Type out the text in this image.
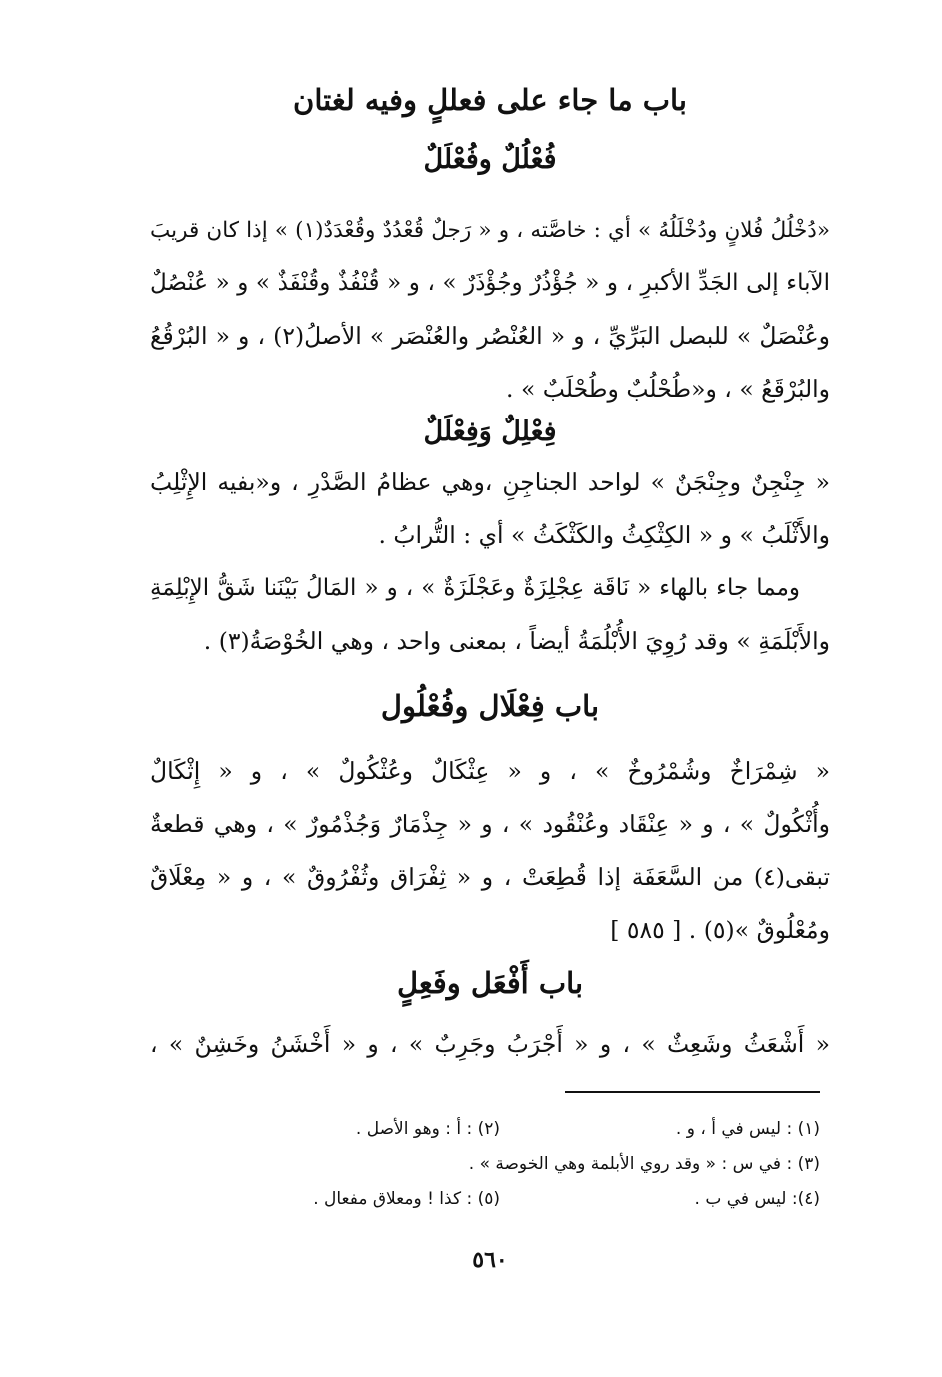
باب ما جاء على فعللٍ وفيه لغتان

فُعْلُلٌ وفُعْلَلٌ

«دُخْلُلُ فُلانٍ ودُخْلَلُهُ » أي : خاصَّته ، و « رَجلٌ قُعْدُدٌ وقُعْدَدٌ(١) » إذا كان قريبَ
الآباء إلى الجَدِّ الأكبرِ ، و « جُؤْذُرٌ وجُؤْذَرٌ » ، و « قُنْفُذٌ وقُنْفَذٌ » و « عُنْصُلٌ
وعُنْصَلٌ » للبصل البَرِّيِّ ، و « العُنْصُر والعُنْصَر » الأصلُ(٢) ، و « البُرْقُعُ
والبُرْقَعُ » ، و«طُحْلُبٌ وطُحْلَبٌ » .

فِعْلِلٌ وَفِعْلَلٌ

« جِنْجِنٌ وجِنْجَنٌ » لواحد الجناجِنِ ،وهي عظامُ الصَّدْرِ ، و«بفيه الإِثْلِبُ
والأَثْلَبُ » و « الكِثْكِثُ والكَثْكَثُ » أي : التُّرابُ .

ومما جاء بالهاء « نَاقَة عِجْلِزَةٌ وعَجْلَزَةٌ » ، و « المَالُ بَيْنَنا شَقُّ الإِبْلِمَةِ
والأَبْلَمَةِ » وقد رُوِيَ الأُبْلُمَةُ أيضاً ، بمعنى واحد ، وهي الخُوْصَةُ(٣) .

باب فِعْلَال وفُعْلُول

« شِمْرَاخٌ وشُمْرُوخٌ » ، و « عِثْكَالٌ وعُثْكُولٌ » ، و « إِثْكَالٌ
وأُثْكُولٌ » ، و « عِنْقَاد وعُنْقُود » ، و « جِذْمَارٌ وَجُذْمُورٌ » ، وهي قطعةٌ
تبقى(٤) من السَّعَفَة إذا قُطِعَتْ ، و « ثِفْرَاق وثُفْرُوقٌ » ، و « مِعْلَاقٌ
ومُعْلُوقٌ »(٥) . [ ٥٨٥ ]

باب أَفْعَل وفَعِلٍ

« أَشْعَثُ وشَعِثٌ » ، و « أَجْرَبُ وجَرِبٌ » ، و « أَخْشَنُ وخَشِنٌ » ،

(١) : ليس في أ ، و .
(٢) : أ : وهو الأصل .
(٣) : في س : « وقد روي الأبلمة وهي الخوصة » .
(٤): ليس في ب .
(٥) : كذا ! ومعلاق مفعال .
٥٦٠
